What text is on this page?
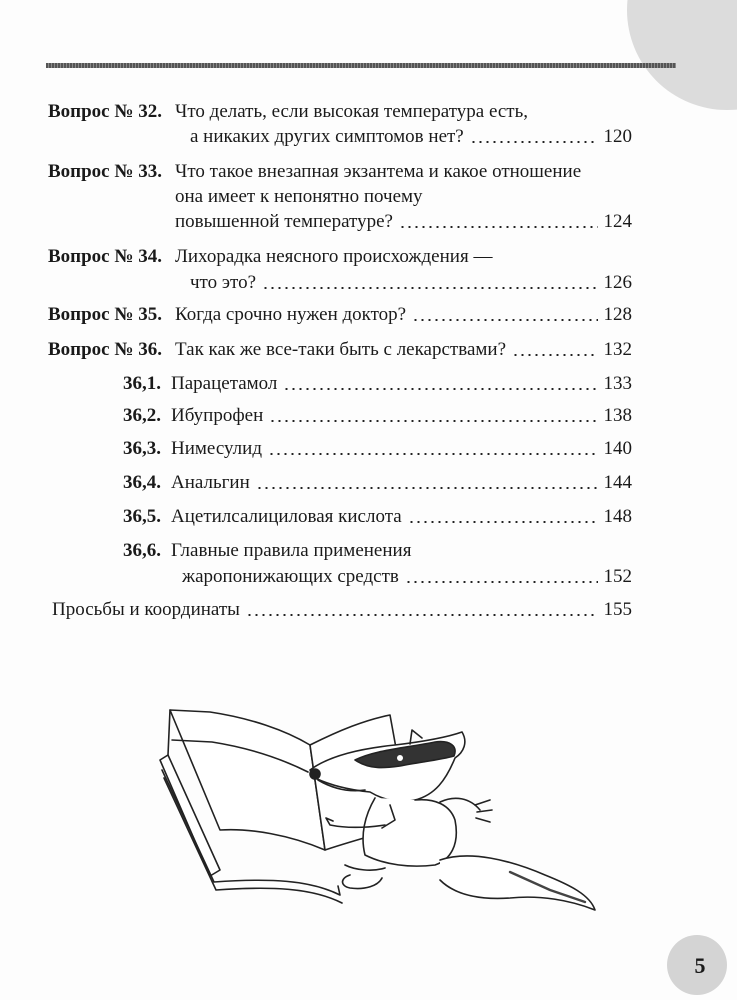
Вопрос № 32. Что делать, если высокая температура есть,
а никаких других симптомов нет?	120
Вопрос № 33. Что такое внезапная экзантема и какое отношение
она имеет к непонятно почему
повышенной температуре?	124
Вопрос № 34. Лихорадка неясного происхождения —
что это?	126
Вопрос № 35. Когда срочно нужен доктор?	128
Вопрос № 36. Так как же все-таки быть с лекарствами?	132
36,1. Парацетамол	133
36,2. Ибупрофен	138
36,3. Нимесулид	140
36,4. Анальгин	144
36,5. Ацетилсалициловая кислота	148
36,6. Главные правила применения
жаропонижающих средств	152
Просьбы и координаты	155
5
